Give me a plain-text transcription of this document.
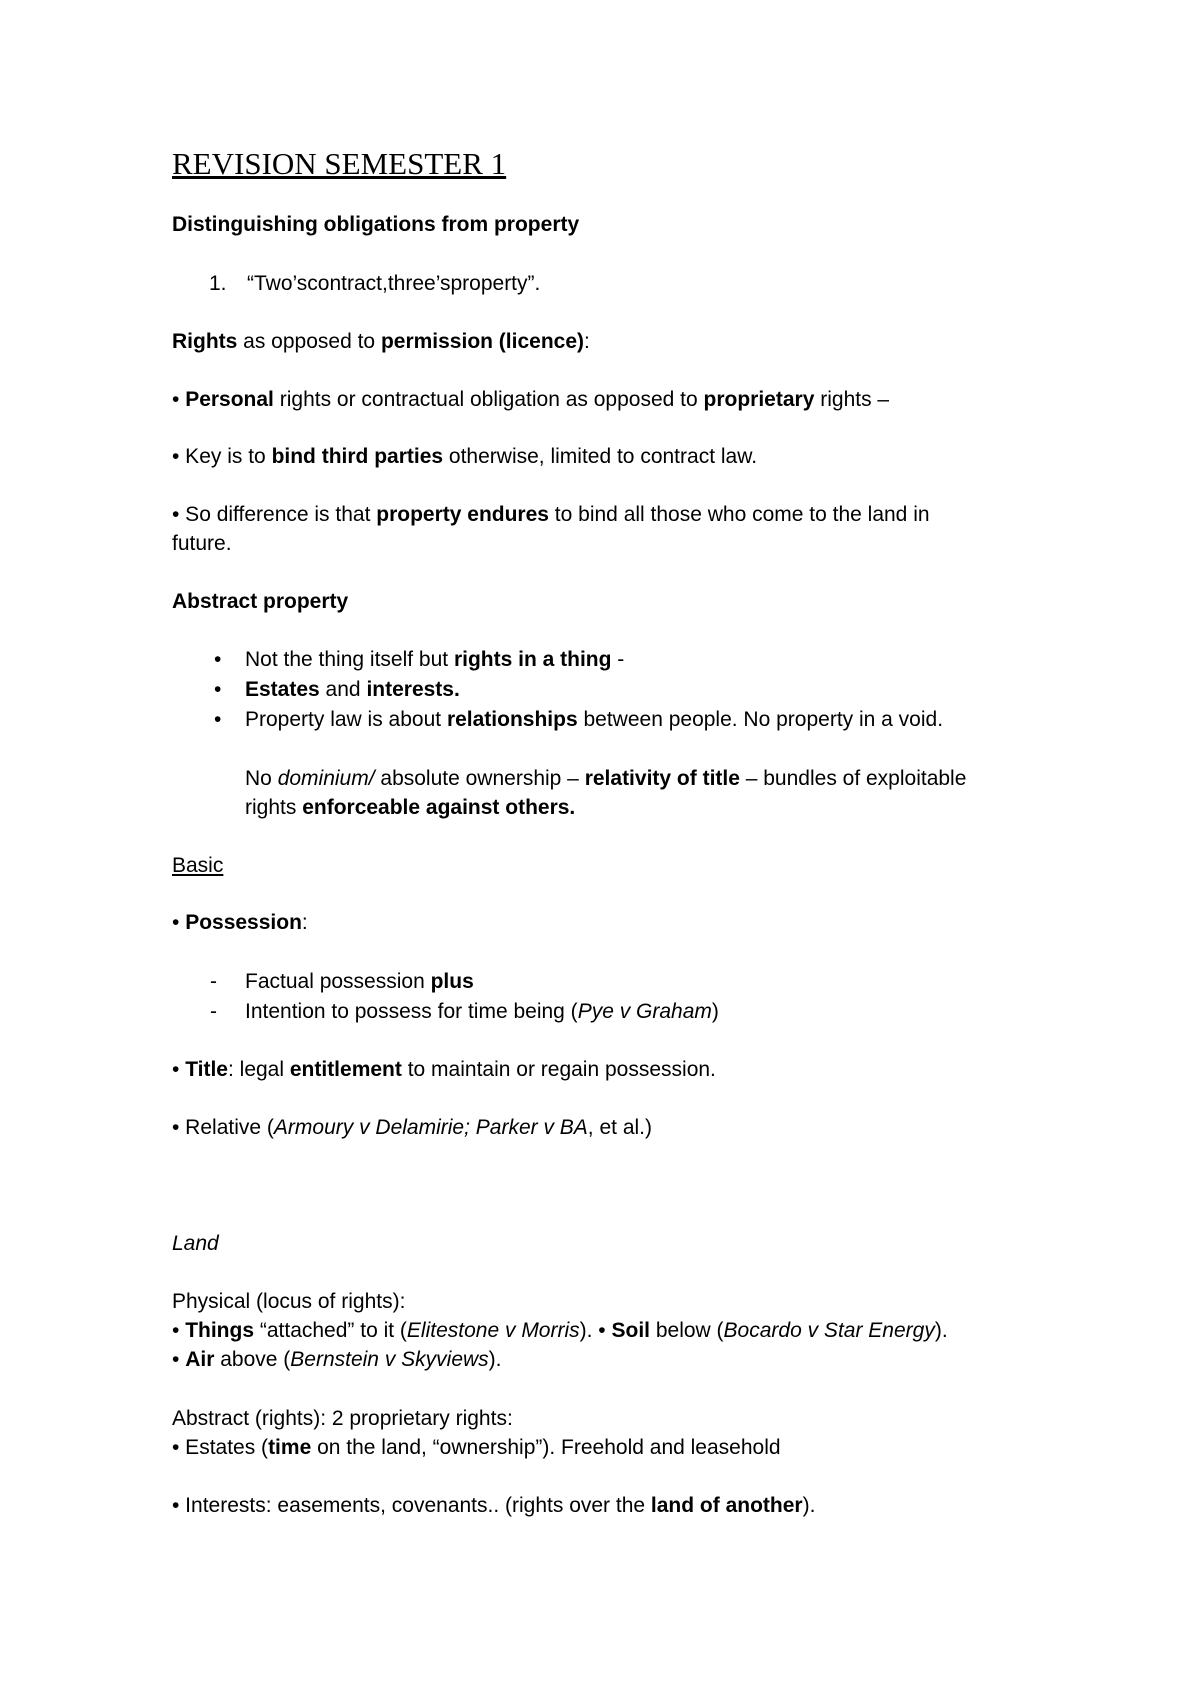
REVISION SEMESTER 1
Distinguishing obligations from property
1. “Two’scontract,three’sproperty”.
Rights as opposed to permission (licence):
• Personal rights or contractual obligation as opposed to proprietary rights –
• Key is to bind third parties otherwise, limited to contract law.
• So difference is that property endures to bind all those who come to the land in
future.
Abstract property
• Not the thing itself but rights in a thing -
• Estates and interests.
• Property law is about relationships between people. No property in a void.
No dominium/ absolute ownership – relativity of title – bundles of exploitable
rights enforceable against others.
Basic
• Possession:
- Factual possession plus
- Intention to possess for time being (Pye v Graham)
• Title: legal entitlement to maintain or regain possession.
• Relative (Armoury v Delamirie; Parker v BA, et al.)
Land
Physical (locus of rights):
• Things “attached” to it (Elitestone v Morris). • Soil below (Bocardo v Star Energy).
• Air above (Bernstein v Skyviews).
Abstract (rights): 2 proprietary rights:
• Estates (time on the land, “ownership”). Freehold and leasehold
• Interests: easements, covenants.. (rights over the land of another).
